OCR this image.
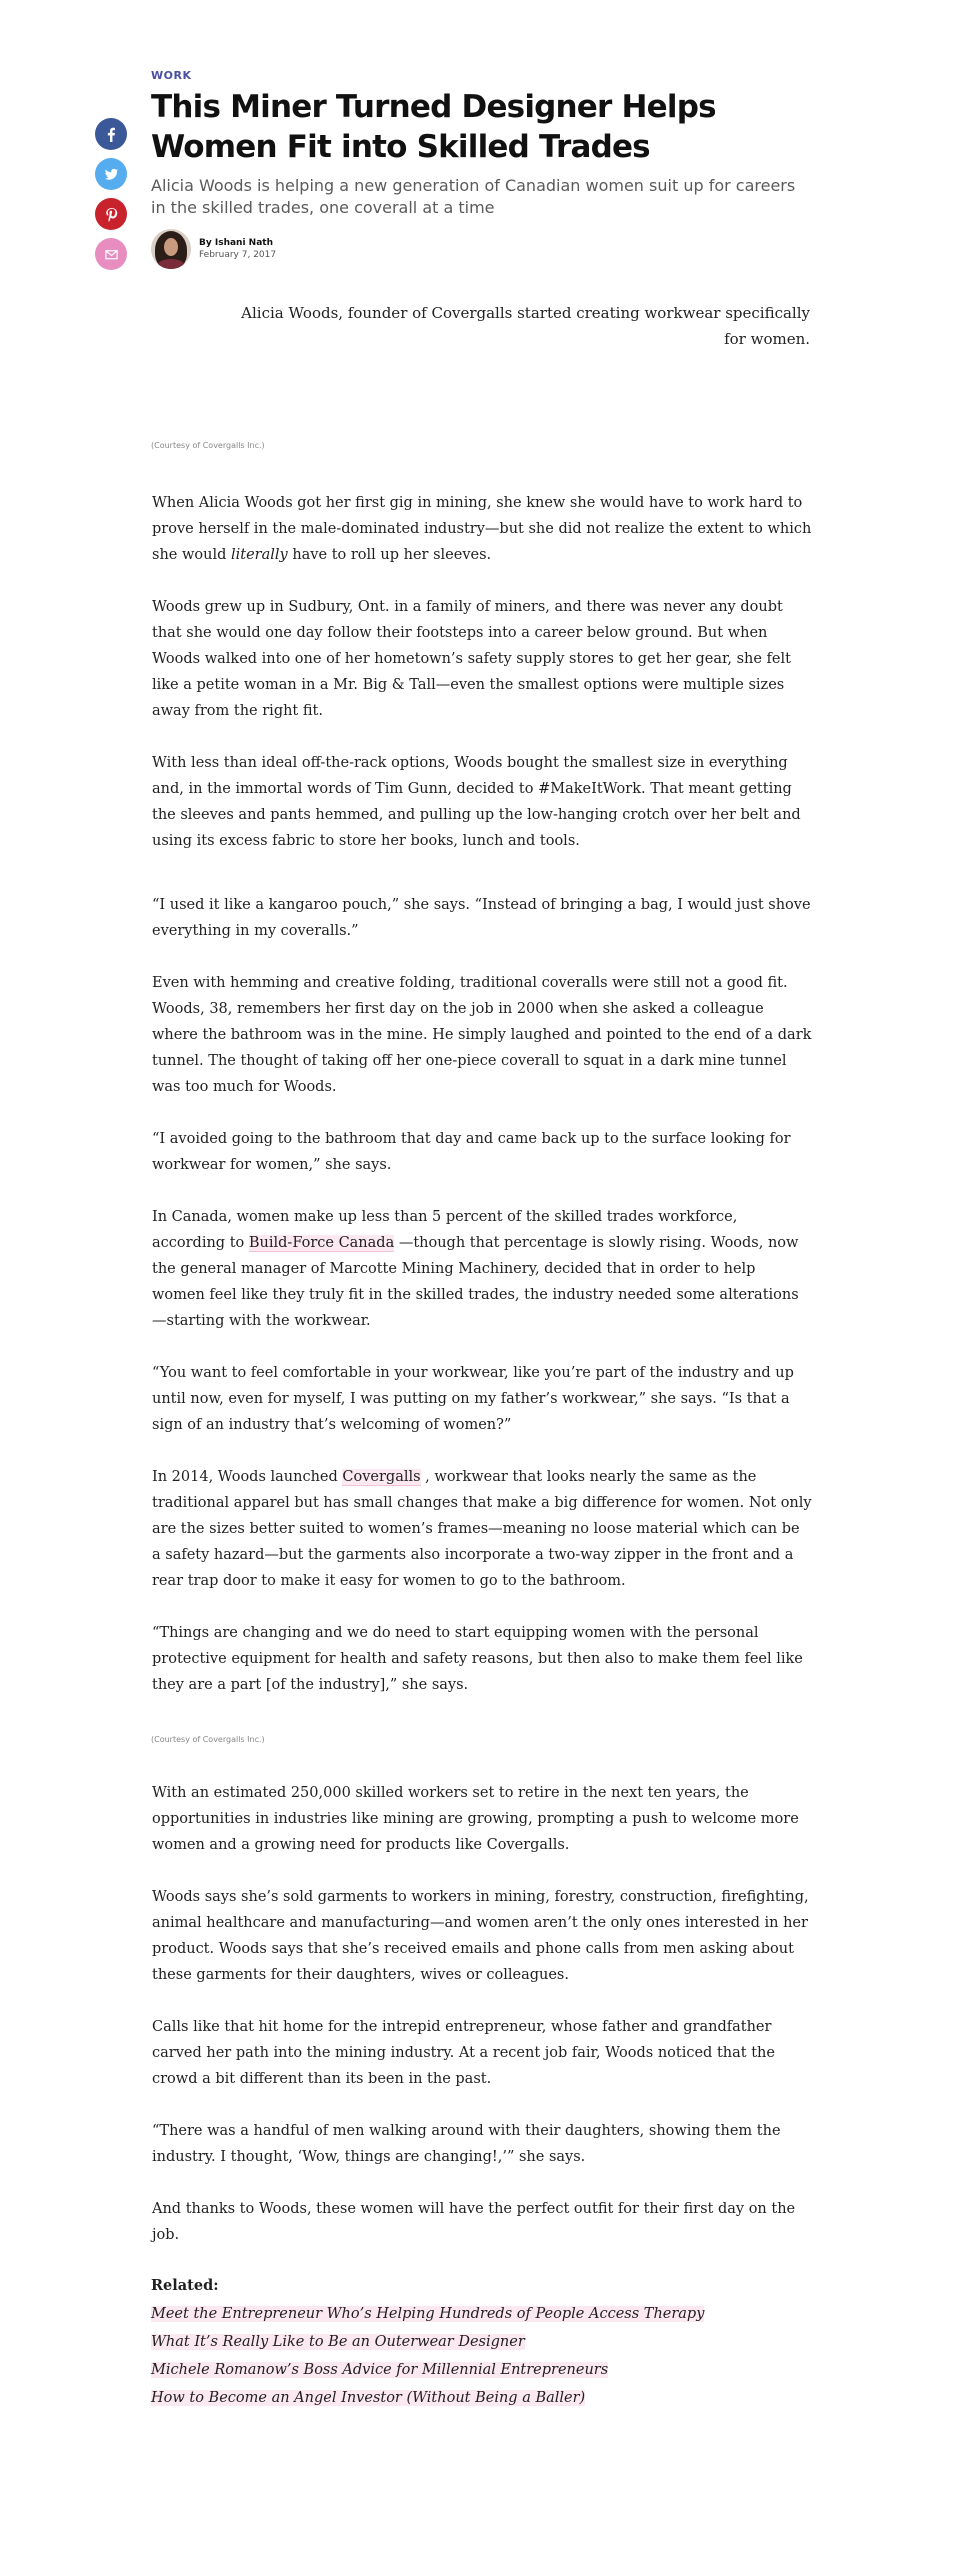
WORK
This Miner Turned Designer Helps Women Fit into Skilled Trades
Alicia Woods is helping a new generation of Canadian women suit up for careers in the skilled trades, one coverall at a time
By Ishani Nath
February 7, 2017
Alicia Woods, founder of Covergalls started creating workwear specifically for women.
(Courtesy of Covergalls Inc.)

When Alicia Woods got her first gig in mining, she knew she would have to work hard to prove herself in the male-dominated industry—but she did not realize the extent to which she would literally have to roll up her sleeves.

Woods grew up in Sudbury, Ont. in a family of miners, and there was never any doubt that she would one day follow their footsteps into a career below ground. But when Woods walked into one of her hometown’s safety supply stores to get her gear, she felt like a petite woman in a Mr. Big & Tall—even the smallest options were multiple sizes away from the right fit.

With less than ideal off-the-rack options, Woods bought the smallest size in everything and, in the immortal words of Tim Gunn, decided to #MakeItWork. That meant getting the sleeves and pants hemmed, and pulling up the low-hanging crotch over her belt and using its excess fabric to store her books, lunch and tools.

“I used it like a kangaroo pouch,” she says. “Instead of bringing a bag, I would just shove everything in my coveralls.”

Even with hemming and creative folding, traditional coveralls were still not a good fit. Woods, 38, remembers her first day on the job in 2000 when she asked a colleague where the bathroom was in the mine. He simply laughed and pointed to the end of a dark tunnel. The thought of taking off her one-piece coverall to squat in a dark mine tunnel was too much for Woods.

“I avoided going to the bathroom that day and came back up to the surface looking for workwear for women,” she says.

In Canada, women make up less than 5 percent of the skilled trades workforce, according to Build-Force Canada —though that percentage is slowly rising. Woods, now the general manager of Marcotte Mining Machinery, decided that in order to help women feel like they truly fit in the skilled trades, the industry needed some alterations—starting with the workwear.

“You want to feel comfortable in your workwear, like you’re part of the industry and up until now, even for myself, I was putting on my father’s workwear,” she says. “Is that a sign of an industry that’s welcoming of women?”

In 2014, Woods launched Covergalls , workwear that looks nearly the same as the traditional apparel but has small changes that make a big difference for women. Not only are the sizes better suited to women’s frames—meaning no loose material which can be a safety hazard—but the garments also incorporate a two-way zipper in the front and a rear trap door to make it easy for women to go to the bathroom.

“Things are changing and we do need to start equipping women with the personal protective equipment for health and safety reasons, but then also to make them feel like they are a part [of the industry],” she says.

(Courtesy of Covergalls Inc.)

With an estimated 250,000 skilled workers set to retire in the next ten years, the opportunities in industries like mining are growing, prompting a push to welcome more women and a growing need for products like Covergalls.

Woods says she’s sold garments to workers in mining, forestry, construction, firefighting, animal healthcare and manufacturing—and women aren’t the only ones interested in her product. Woods says that she’s received emails and phone calls from men asking about these garments for their daughters, wives or colleagues.

Calls like that hit home for the intrepid entrepreneur, whose father and grandfather carved her path into the mining industry. At a recent job fair, Woods noticed that the crowd a bit different than its been in the past.

“There was a handful of men walking around with their daughters, showing them the industry. I thought, ‘Wow, things are changing!,’” she says.

And thanks to Woods, these women will have the perfect outfit for their first day on the job.

Related:
Meet the Entrepreneur Who’s Helping Hundreds of People Access Therapy
What It’s Really Like to Be an Outerwear Designer
Michele Romanow’s Boss Advice for Millennial Entrepreneurs
How to Become an Angel Investor (Without Being a Baller)
